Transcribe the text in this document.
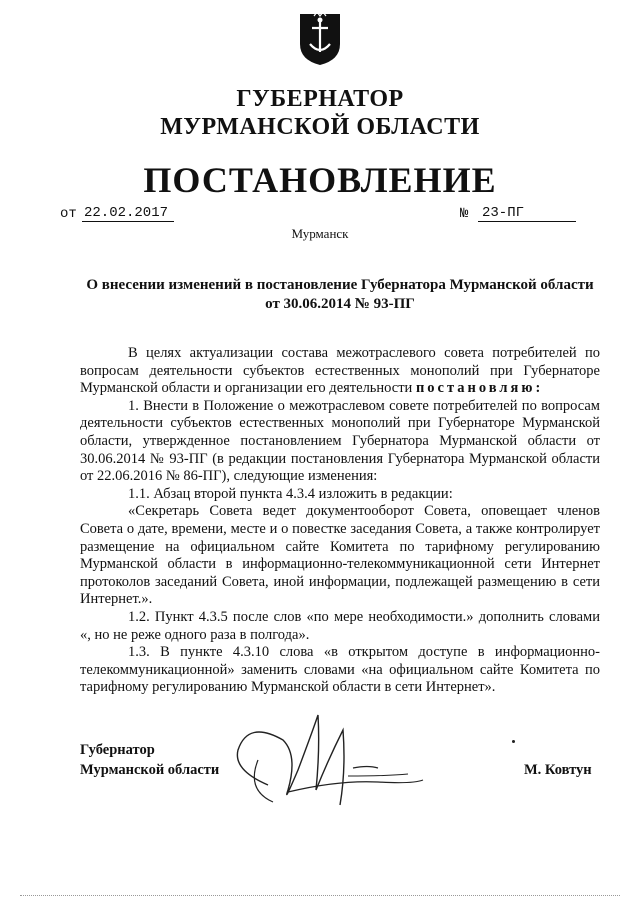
ГУБЕРНАТОР
МУРМАНСКОЙ ОБЛАСТИ
ПОСТАНОВЛЕНИЕ
от 22.02.2017	№ 23-ПГ
Мурманск
О внесении изменений в постановление Губернатора Мурманской области
от 30.06.2014 № 93-ПГ

В целях актуализации состава межотраслевого совета потребителей по вопросам деятельности субъектов естественных монополий при Губернаторе Мурманской области и организации его деятельности постановляю:

1. Внести в Положение о межотраслевом совете потребителей по вопросам деятельности субъектов естественных монополий при Губернаторе Мурманской области, утвержденное постановлением Губернатора Мурманской области от 30.06.2014 № 93-ПГ (в редакции постановления Губернатора Мурманской области от 22.06.2016 № 86-ПГ), следующие изменения:

1.1. Абзац второй пункта 4.3.4 изложить в редакции:

«Секретарь Совета ведет документооборот Совета, оповещает членов Совета о дате, времени, месте и о повестке заседания Совета, а также контролирует размещение на официальном сайте Комитета по тарифному регулированию Мурманской области в информационно-телекоммуникационной сети Интернет протоколов заседаний Совета, иной информации, подлежащей размещению в сети Интернет.».

1.2. Пункт 4.3.5 после слов «по мере необходимости.» дополнить словами «, но не реже одного раза в полгода».

1.3. В пункте 4.3.10 слова «в открытом доступе в информационно-телекоммуникационной» заменить словами «на официальном сайте Комитета по тарифному регулированию Мурманской области в сети Интернет».

Губернатор
Мурманской области	М. Ковтун
